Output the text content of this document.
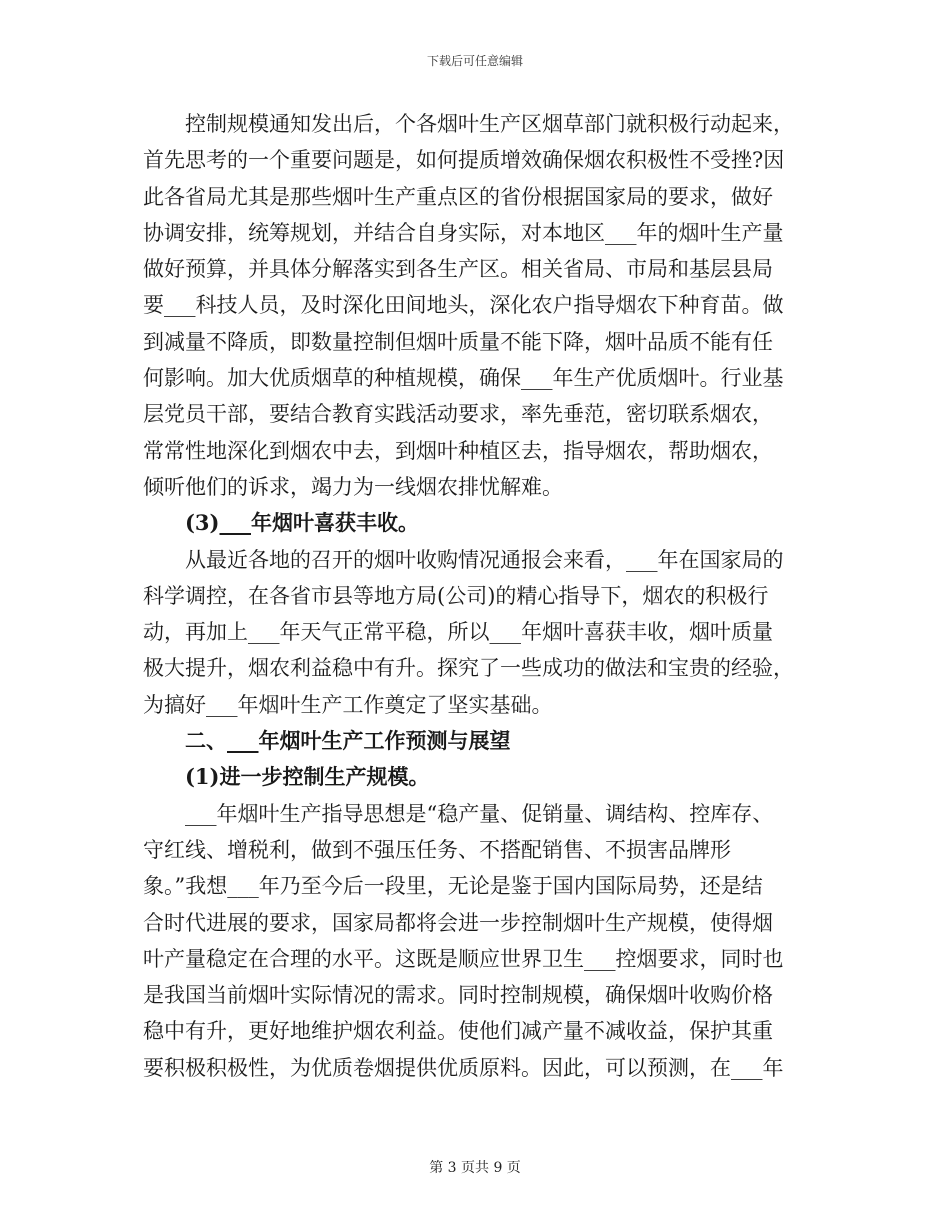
下载后可任意编辑
　　控制规模通知发出后，个各烟叶生产区烟草部门就积极行动起来，
首先思考的一个重要问题是，如何提质增效确保烟农积极性不受挫?因
此各省局尤其是那些烟叶生产重点区的省份根据国家局的要求，做好
协调安排，统筹规划，并结合自身实际，对本地区___年的烟叶生产量
做好预算，并具体分解落实到各生产区。相关省局、市局和基层县局
要___科技人员，及时深化田间地头，深化农户指导烟农下种育苗。做
到减量不降质，即数量控制但烟叶质量不能下降，烟叶品质不能有任
何影响。加大优质烟草的种植规模，确保___年生产优质烟叶。行业基
层党员干部，要结合教育实践活动要求，率先垂范，密切联系烟农，
常常性地深化到烟农中去，到烟叶种植区去，指导烟农，帮助烟农，
倾听他们的诉求，竭力为一线烟农排忧解难。
　　(3)___年烟叶喜获丰收。
　　从最近各地的召开的烟叶收购情况通报会来看，___年在国家局的
科学调控，在各省市县等地方局(公司)的精心指导下，烟农的积极行
动，再加上___年天气正常平稳，所以___年烟叶喜获丰收，烟叶质量
极大提升，烟农利益稳中有升。探究了一些成功的做法和宝贵的经验，
为搞好___年烟叶生产工作奠定了坚实基础。
　　二、___年烟叶生产工作预测与展望
　　(1)进一步控制生产规模。
　　___年烟叶生产指导思想是“稳产量、促销量、调结构、控库存、
守红线、增税利，做到不强压任务、不搭配销售、不损害品牌形
象。”我想___年乃至今后一段里，无论是鉴于国内国际局势，还是结
合时代进展的要求，国家局都将会进一步控制烟叶生产规模，使得烟
叶产量稳定在合理的水平。这既是顺应世界卫生___控烟要求，同时也
是我国当前烟叶实际情况的需求。同时控制规模，确保烟叶收购价格
稳中有升，更好地维护烟农利益。使他们减产量不减收益，保护其重
要积极积极性，为优质卷烟提供优质原料。因此，可以预测，在___年
第 3 页共 9 页
